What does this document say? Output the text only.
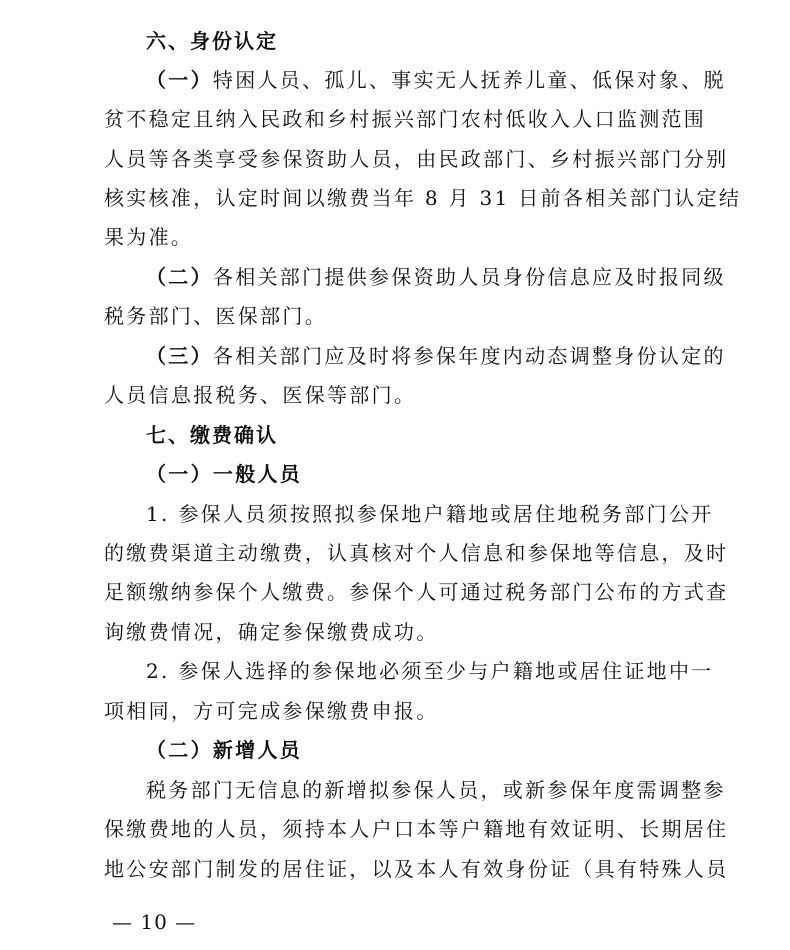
六、身份认定
（一）特困人员、孤儿、事实无人抚养儿童、低保对象、脱
贫不稳定且纳入民政和乡村振兴部门农村低收入人口监测范围
人员等各类享受参保资助人员，由民政部门、乡村振兴部门分别
核实核准，认定时间以缴费当年 8 月 31 日前各相关部门认定结
果为准。
（二）各相关部门提供参保资助人员身份信息应及时报同级
税务部门、医保部门。
（三）各相关部门应及时将参保年度内动态调整身份认定的
人员信息报税务、医保等部门。
七、缴费确认
（一）一般人员
1. 参保人员须按照拟参保地户籍地或居住地税务部门公开
的缴费渠道主动缴费，认真核对个人信息和参保地等信息，及时
足额缴纳参保个人缴费。参保个人可通过税务部门公布的方式查
询缴费情况，确定参保缴费成功。
2. 参保人选择的参保地必须至少与户籍地或居住证地中一
项相同，方可完成参保缴费申报。
（二）新增人员
税务部门无信息的新增拟参保人员，或新参保年度需调整参
保缴费地的人员，须持本人户口本等户籍地有效证明、长期居住
地公安部门制发的居住证，以及本人有效身份证（具有特殊人员
— 10 —
